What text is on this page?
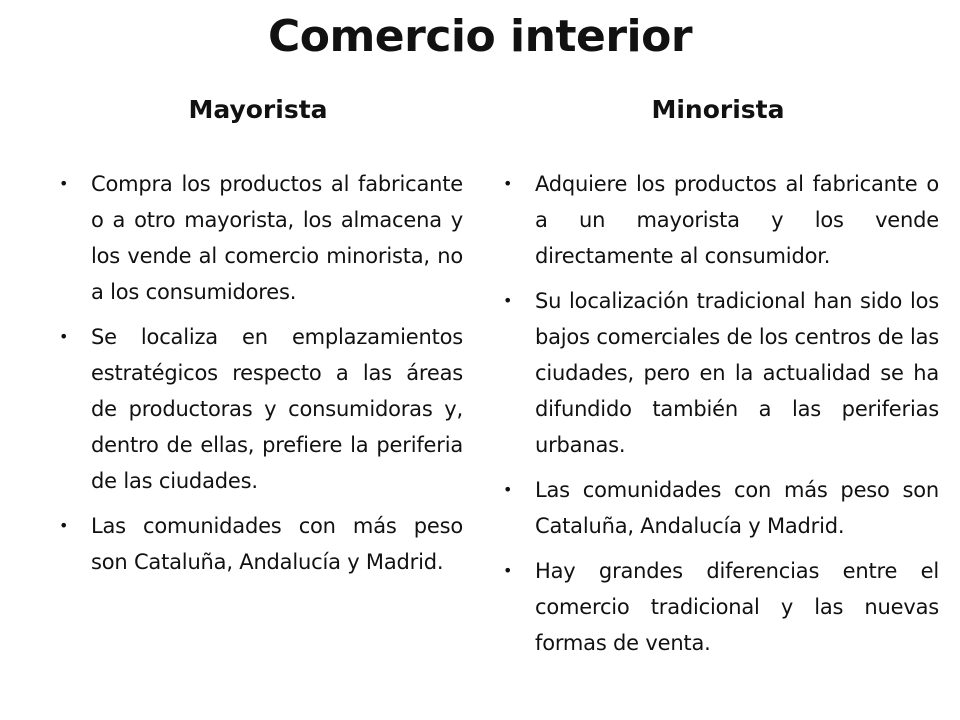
Comercio interior
Mayorista
• Compra los productos al fabricante o a otro mayorista, los almacena y los vende al comercio minorista, no a los consumidores.
• Se localiza en emplazamientos estratégicos respecto a las áreas de productoras y consumidoras y, dentro de ellas, prefiere la periferia de las ciudades.
• Las comunidades con más peso son Cataluña, Andalucía y Madrid.
Minorista
• Adquiere los productos al fabricante o a un mayorista y los vende directamente al consumidor.
• Su localización tradicional han sido los bajos comerciales de los centros de las ciudades, pero en la actualidad se ha difundido también a las periferias urbanas.
• Las comunidades con más peso son Cataluña, Andalucía y Madrid.
• Hay grandes diferencias entre el comercio tradicional y las nuevas formas de venta.
